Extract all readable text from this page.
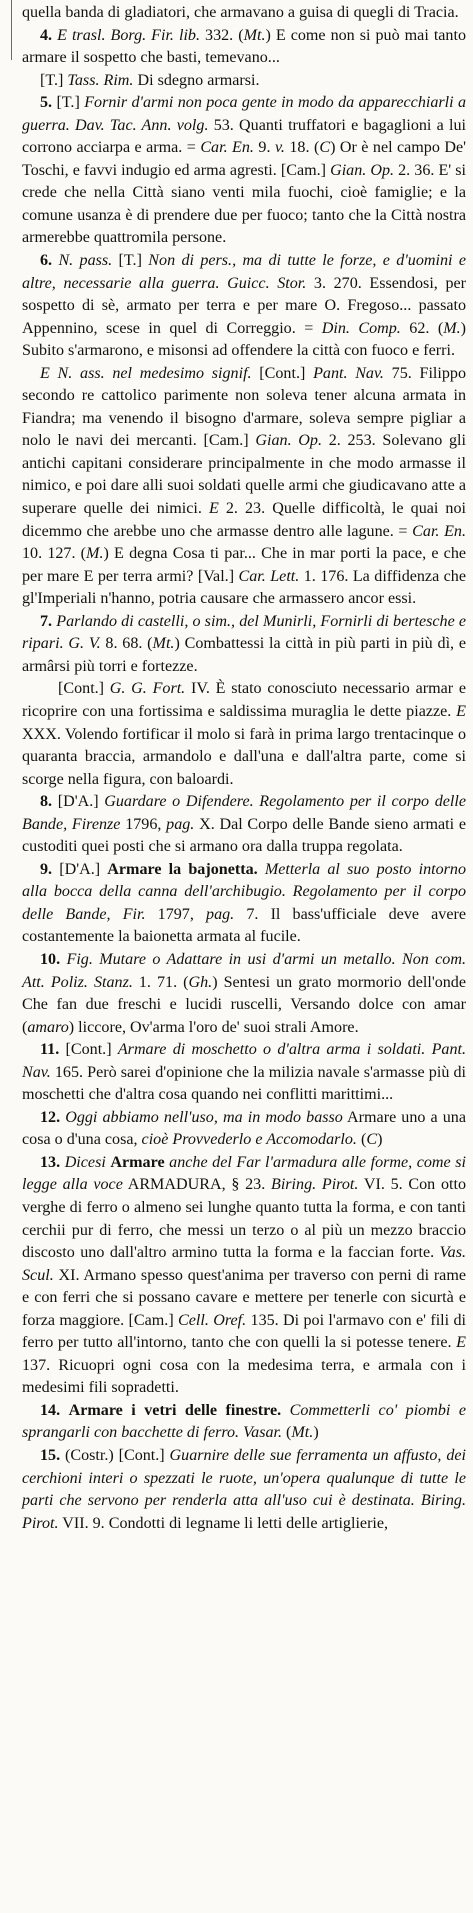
quella banda di gladiatori, che armavano a guisa di quegli di Tracia.

4. E trasl. Borg. Fir. lib. 332. (Mt.) E come non si può mai tanto armare il sospetto che basti, temevano...

[T.] Tass. Rim. Di sdegno armarsi.

5. [T.] Fornir d'armi non poca gente in modo da apparecchiarli a guerra. Dav. Tac. Ann. volg. 53. Quanti truffatori e bagaglioni a lui corrono acciarpa e arma. = Car. En. 9. v. 18. (C) Or è nel campo De' Toschi, e favvi indugio ed arma agresti. [Cam.] Gian. Op. 2. 36. E' si crede che nella Città siano venti mila fuochi, cioè famiglie; e la comune usanza è di prendere due per fuoco; tanto che la Città nostra armerebbe quattromila persone.

6. N. pass. [T.] Non di pers., ma di tutte le forze, e d'uomini e altre, necessarie alla guerra. Guicc. Stor. 3. 270. Essendosi, per sospetto di sè, armato per terra e per mare O. Fregoso... passato Appennino, scese in quel di Correggio. = Din. Comp. 62. (M.) Subito s'armarono, e misonsi ad offendere la città con fuoco e ferri.

E N. ass. nel medesimo signif. [Cont.] Pant. Nav. 75. Filippo secondo re cattolico parimente non soleva tener alcuna armata in Fiandra; ma venendo il bisogno d'armare, soleva sempre pigliar a nolo le navi dei mercanti. [Cam.] Gian. Op. 2. 253. Solevano gli antichi capitani considerare principalmente in che modo armasse il nimico, e poi dare alli suoi soldati quelle armi che giudicavano atte a superare quelle dei nimici. E 2. 23. Quelle difficoltà, le quai noi dicemmo che arebbe uno che armasse dentro alle lagune. = Car. En. 10. 127. (M.) E degna Cosa ti par... Che in mar porti la pace, e che per mare E per terra armi? [Val.] Car. Lett. 1. 176. La diffidenza che gl'Imperiali n'hanno, potria causare che armassero ancor essi.

7. Parlando di castelli, o sim., del Munirli, Fornirli di bertesche e ripari. G. V. 8. 68. (Mt.) Combattessi la città in più parti in più dì, e armârsi più torri e fortezze.

[Cont.] G. G. Fort. IV. È stato conosciuto necessario armar e ricoprire con una fortissima e saldissima muraglia le dette piazze. E XXX. Volendo fortificar il molo si farà in prima largo trentacinque o quaranta braccia, armandolo e dall'una e dall'altra parte, come si scorge nella figura, con baloardi.

8. [D'A.] Guardare o Difendere. Regolamento per il corpo delle Bande, Firenze 1796, pag. X. Dal Corpo delle Bande sieno armati e custoditi quei posti che si armano ora dalla truppa regolata.

9. [D'A.] Armare la bajonetta. Metterla al suo posto intorno alla bocca della canna dell'archibugio. Regolamento per il corpo delle Bande, Fir. 1797, pag. 7. Il bass'ufficiale deve avere costantemente la baionetta armata al fucile.

10. Fig. Mutare o Adattare in usi d'armi un metallo. Non com. Att. Poliz. Stanz. 1. 71. (Gh.) Sentesi un grato mormorio dell'onde Che fan due freschi e lucidi ruscelli, Versando dolce con amar (amaro) liccore, Ov'arma l'oro de' suoi strali Amore.

11. [Cont.] Armare di moschetto o d'altra arma i soldati. Pant. Nav. 165. Però sarei d'opinione che la milizia navale s'armasse più di moschetti che d'altra cosa quando nei conflitti marittimi...

12. Oggi abbiamo nell'uso, ma in modo basso Armare uno a una cosa o d'una cosa, cioè Provvederlo e Accomodarlo. (C)

13. Dicesi Armare anche del Far l'armadura alle forme, come si legge alla voce ARMADURA, § 23. Biring. Pirot. VI. 5. Con otto verghe di ferro o almeno sei lunghe quanto tutta la forma, e con tanti cerchii pur di ferro, che messi un terzo o al più un mezzo braccio discosto uno dall'altro armino tutta la forma e la faccian forte. Vas. Scul. XI. Armano spesso quest'anima per traverso con perni di rame e con ferri che si possano cavare e mettere per tenerle con sicurtà e forza maggiore. [Cam.] Cell. Oref. 135. Di poi l'armavo con e' fili di ferro per tutto all'intorno, tanto che con quelli la si potesse tenere. E 137. Ricuopri ogni cosa con la medesima terra, e armala con i medesimi fili sopradetti.

14. Armare i vetri delle finestre. Commetterli co' piombi e sprangarli con bacchette di ferro. Vasar. (Mt.)

15. (Costr.) [Cont.] Guarnire delle sue ferramenta un affusto, dei cerchioni interi o spezzati le ruote, un'opera qualunque di tutte le parti che servono per renderla atta all'uso cui è destinata. Biring. Pirot. VII. 9. Condotti di legname li letti delle artiglierie,
